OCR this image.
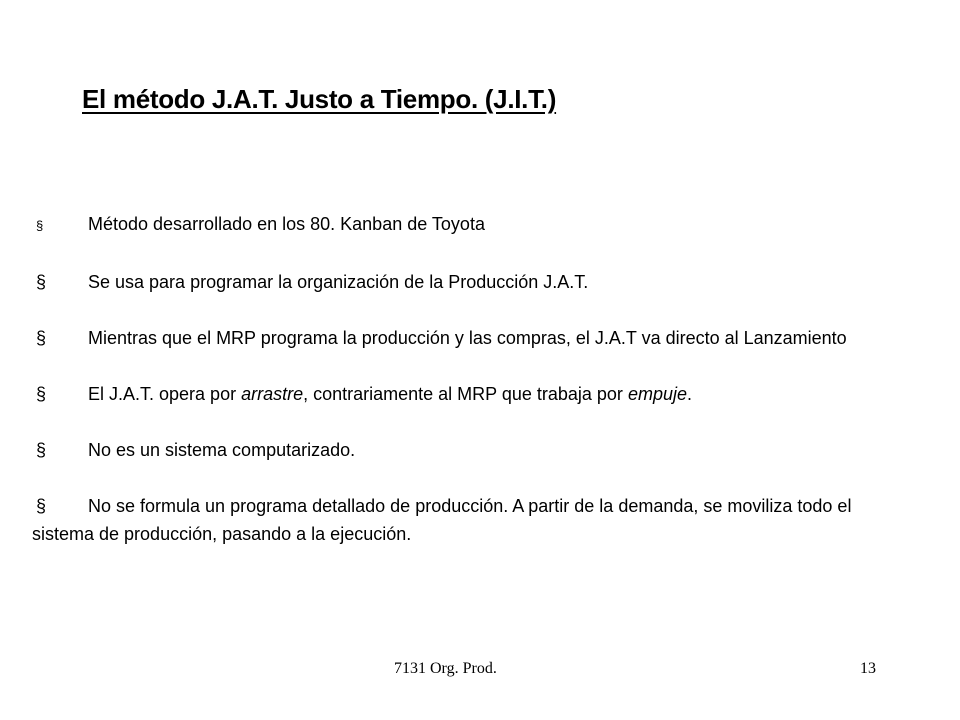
El método J.A.T. Justo a Tiempo. (J.I.T.)

§ Método desarrollado en los 80. Kanban de Toyota

§ Se usa para programar la organización de la Producción J.A.T.

§ Mientras que el MRP programa la producción y las compras, el J.A.T va directo al Lanzamiento

§ El J.A.T. opera por arrastre, contrariamente al MRP que trabaja por empuje.

§ No es un sistema computarizado.

§ No se formula un programa detallado de producción. A partir de la demanda, se moviliza todo el sistema de producción, pasando a la ejecución.

7131 Org. Prod.	13
